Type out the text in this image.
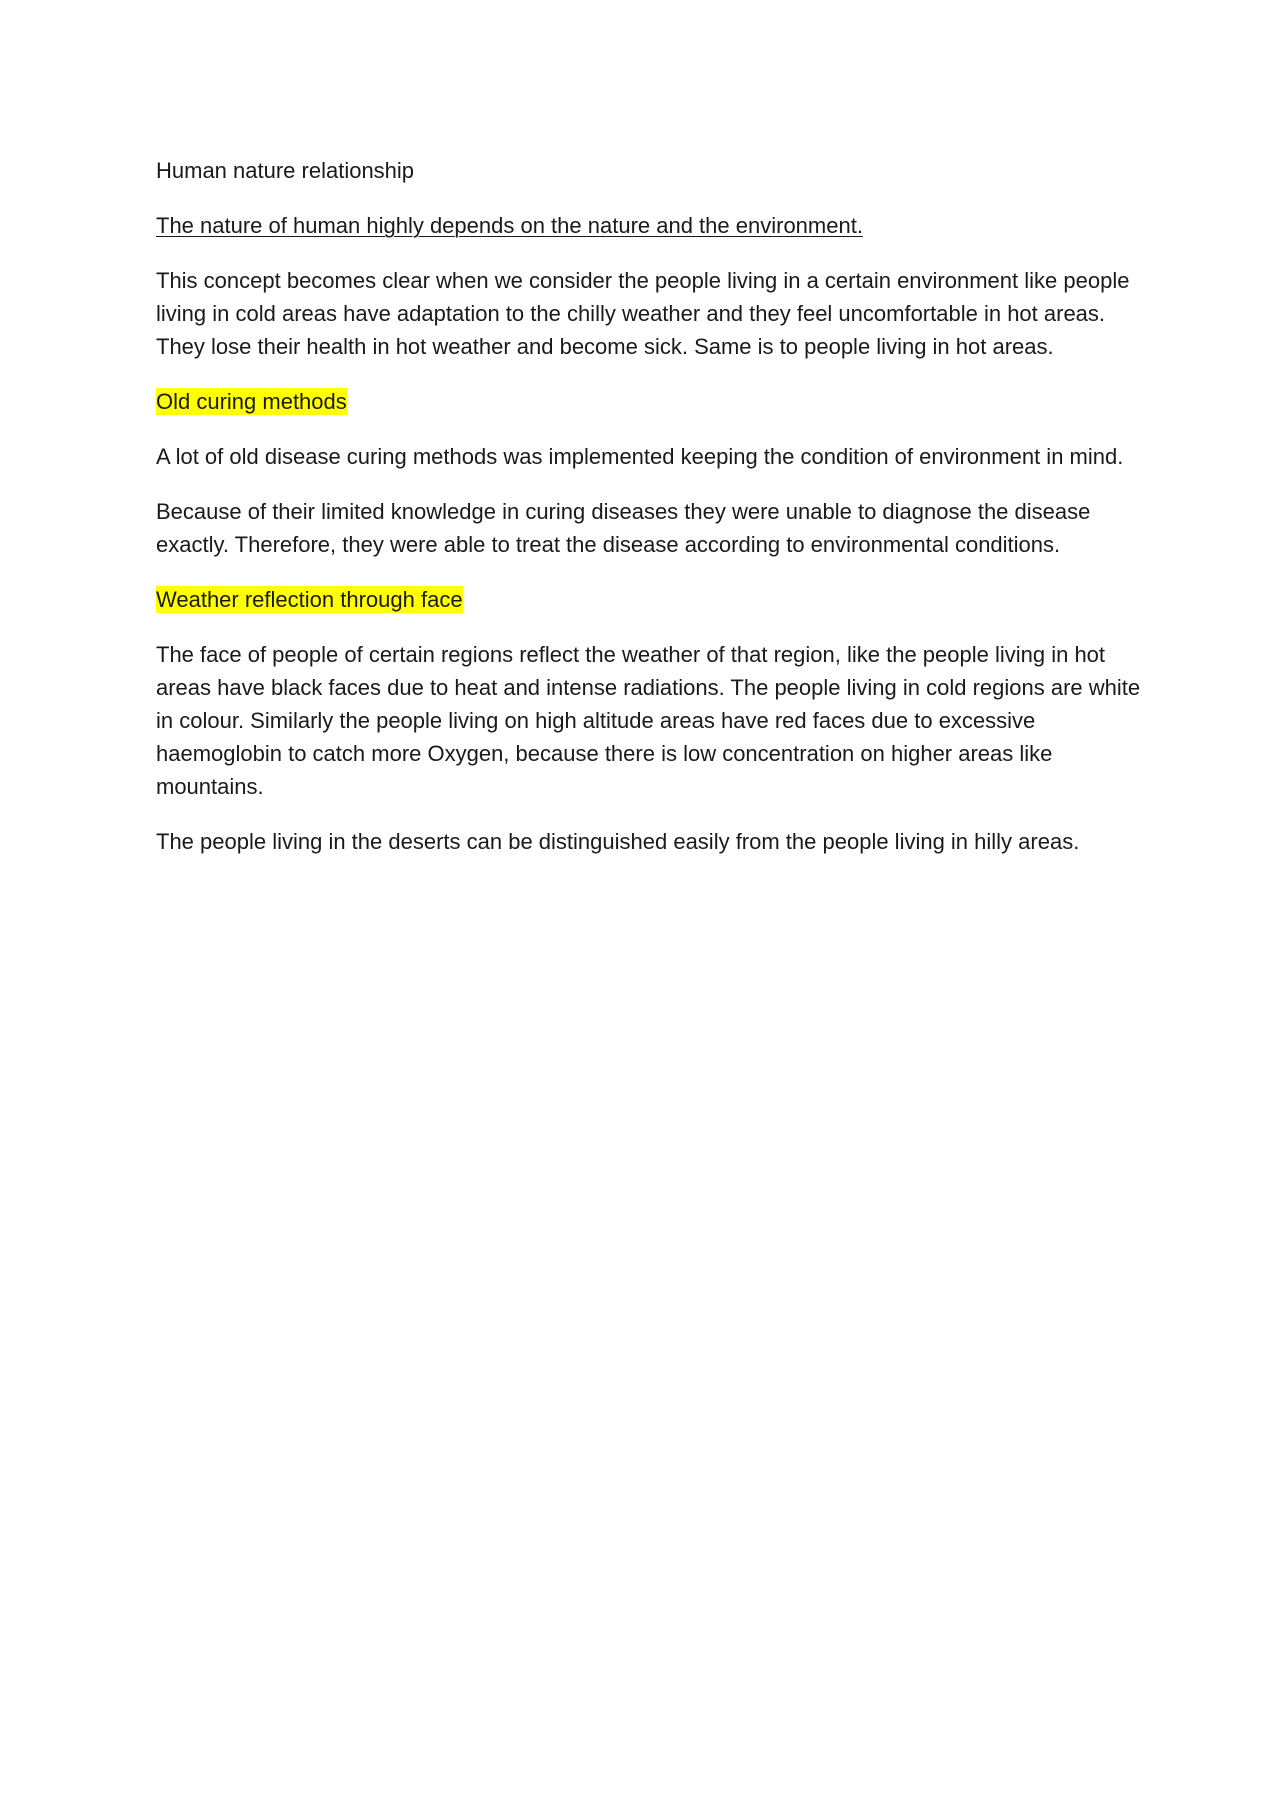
Human nature relationship

The nature of human highly depends on the nature and the environment.

This concept becomes clear when we consider the people living in a certain environment like people living in cold areas have adaptation to the chilly weather and they feel uncomfortable in hot areas. They lose their health in hot weather and become sick. Same is to people living in hot areas.

Old curing methods

A lot of old disease curing methods was implemented keeping the condition of environment in mind.

Because of their limited knowledge in curing diseases they were unable to diagnose the disease exactly. Therefore, they were able to treat the disease according to environmental conditions.

Weather reflection through face

The face of people of certain regions reflect the weather of that region, like the people living in hot areas have black faces due to heat and intense radiations. The people living in cold regions are white in colour. Similarly the people living on high altitude areas have red faces due to excessive haemoglobin to catch more Oxygen, because there is low concentration on higher areas like mountains.

The people living in the deserts can be distinguished easily from the people living in hilly areas.
